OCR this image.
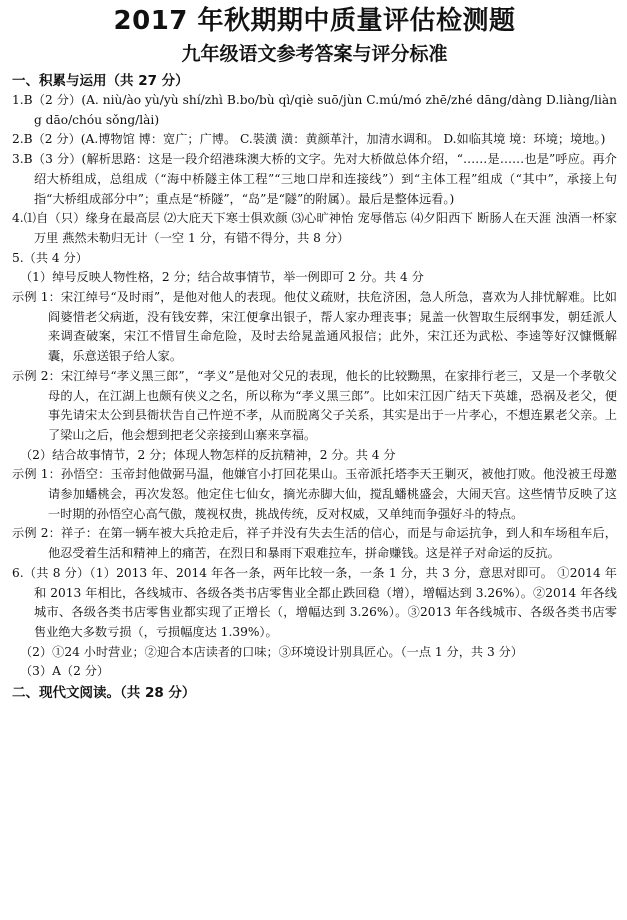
2017 年秋期期中质量评估检测题
九年级语文参考答案与评分标准

一、积累与运用（共 27 分）

1.B（2 分）(A. niù/ào yù/yù shí/zhì B.bo/bù qì/qiè suō/jùn C.mú/mó zhē/zhé dāng/dàng D.liàng/liàng dāo/chóu sǒng/lài)

2.B（2 分）(A.博物馆 博：宽广；广博。 C.裝潢 潢：黄颜革汁，加清水调和。 D.如临其境 境：环境；境地。)

3.B（3 分）(解析思路：这是一段介绍港珠澳大桥的文字。先对大桥做总体介绍，“……是……也是”呼应。再介绍大桥组成，总组成（“海中桥隧主体工程”“三地口岸和连接线”）到“主体工程”组成（“其中”，承接上句指“大桥组成部分中”；重点是“桥隧”，“岛”是“隧”的附属）。最后是整体远看。)

4.⑴自（只）缘身在最高层 ⑵大庇天下寒士俱欢颜 ⑶心旷神怡 宠辱偕忘 ⑷夕阳西下 断肠人在天涯 浊酒一杯家万里 燕然未勒归无计（一空 1 分，有错不得分，共 8 分）

5.（共 4 分）

（1）绰号反映人物性格，2 分；结合故事情节，举一例即可 2 分。共 4 分

示例 1：宋江绰号“及时雨”，是他对他人的表现。他仗义疏财，扶危济困，急人所急，喜欢为人排忧解难。比如阎婆惜老父病逝，没有钱安葬，宋江便拿出银子，帮人家办理丧事；晁盖一伙智取生辰纲事发，朝廷派人来调查破案，宋江不惜冒生命危险，及时去给晁盖通风报信；此外，宋江还为武松、李逵等好汉慷慨解囊，乐意送银子给人家。

示例 2：宋江绰号“孝义黑三郎”，“孝义”是他对父兄的表现，他长的比较黝黑，在家排行老三，又是一个孝敬父母的人，在江湖上也颇有侠义之名，所以称为“孝义黑三郎”。比如宋江因广结天下英雄，恐祸及老父，便事先请宋太公到县衙状告自己忤逆不孝，从而脱离父子关系，其实是出于一片孝心，不想连累老父亲。上了梁山之后，他会想到把老父亲接到山寨来享福。

（2）结合故事情节，2 分；体现人物怎样的反抗精神，2 分。共 4 分

示例 1：孙悟空：玉帝封他做弼马温，他嫌官小打回花果山。玉帝派托塔李天王剿灭，被他打败。他没被王母邀请参加蟠桃会，再次发怒。他定住七仙女，摘光赤脚大仙，搅乱蟠桃盛会，大闹天宫。这些情节反映了这一时期的孙悟空心高气傲，蔑视权贵，挑战传统，反对权威，又单纯而争强好斗的特点。

示例 2：祥子：在第一辆车被大兵抢走后，祥子并没有失去生活的信心，而是与命运抗争，到人和车场租车后，他忍受着生活和精神上的痛苦，在烈日和暴雨下艰难拉车，拼命赚钱。这是祥子对命运的反抗。

6.（共 8 分）（1）2013 年、2014 年各一条，两年比较一条，一条 1 分，共 3 分，意思对即可。 ①2014 年和 2013 年相比，各线城市、各级各类书店零售业全都止跌回稳（增），增幅达到 3.26%）。②2014 年各线城市、各级各类书店零售业都实现了正增长（，增幅达到 3.26%）。③2013 年各线城市、各级各类书店零售业绝大多数亏损（，亏损幅度达 1.39%）。

（2）①24 小时营业；②迎合本店读者的口味；③环境设计别具匠心。（一点 1 分，共 3 分）

（3）A（2 分）

二、现代文阅读。（共 28 分）
